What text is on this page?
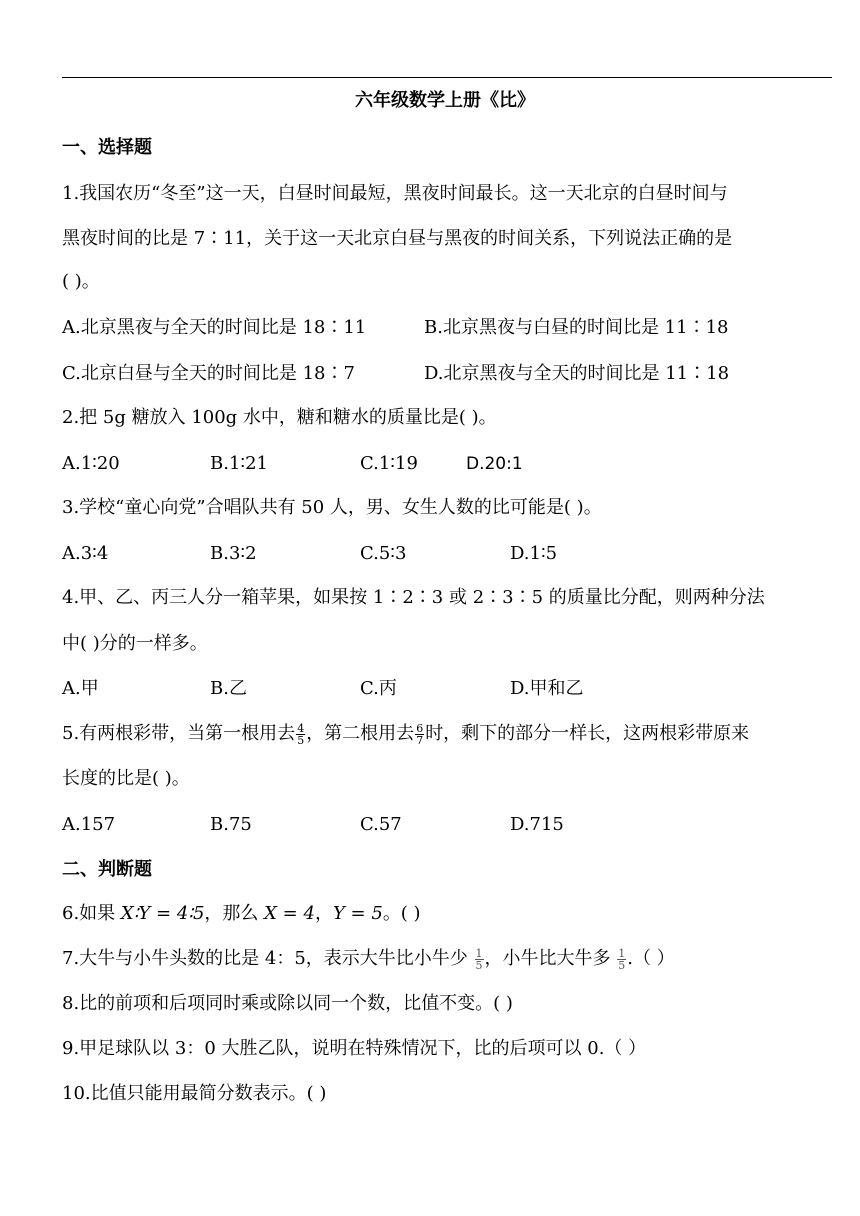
六年级数学上册《比》
一、选择题
1.我国农历“冬至”这一天，白昼时间最短，黑夜时间最长。这一天北京的白昼时间与
黑夜时间的比是 7∶11，关于这一天北京白昼与黑夜的时间关系，下列说法正确的是
( )。
A.北京黑夜与全天的时间比是 18∶11	B.北京黑夜与白昼的时间比是 11∶18
C.北京白昼与全天的时间比是 18∶7	D.北京黑夜与全天的时间比是 11∶18
2.把 5g 糖放入 100g 水中，糖和糖水的质量比是( )。
A.1∶20	B.1∶21	C.1∶19	D.20:1
3.学校“童心向党”合唱队共有 50 人，男、女生人数的比可能是( )。
A.3∶4	B.3∶2	C.5∶3	D.1∶5
4.甲、乙、丙三人分一箱苹果，如果按 1∶2∶3 或 2∶3∶5 的质量比分配，则两种分法
中( )分的一样多。
A.甲	B.乙	C.丙	D.甲和乙
5.有两根彩带，当第一根用去 $\frac{4}{5}$ ，第二根用去 $\frac{6}{7}$ 时，剩下的部分一样长，这两根彩带原来
长度的比是( )。
A.157	B.75	C.57	D.715
二、判断题
6.如果 X∶Y = 4∶5，那么 X = 4，Y = 5。( )
7.大牛与小牛头数的比是 4：5，表示大牛比小牛少 $\frac{1}{5}$ ，小牛比大牛多 $\frac{1}{5}$ .（ ）
8.比的前项和后项同时乘或除以同一个数，比值不变。( )
9.甲足球队以 3：0 大胜乙队，说明在特殊情况下，比的后项可以 0.（ ）
10.比值只能用最简分数表示。( )
